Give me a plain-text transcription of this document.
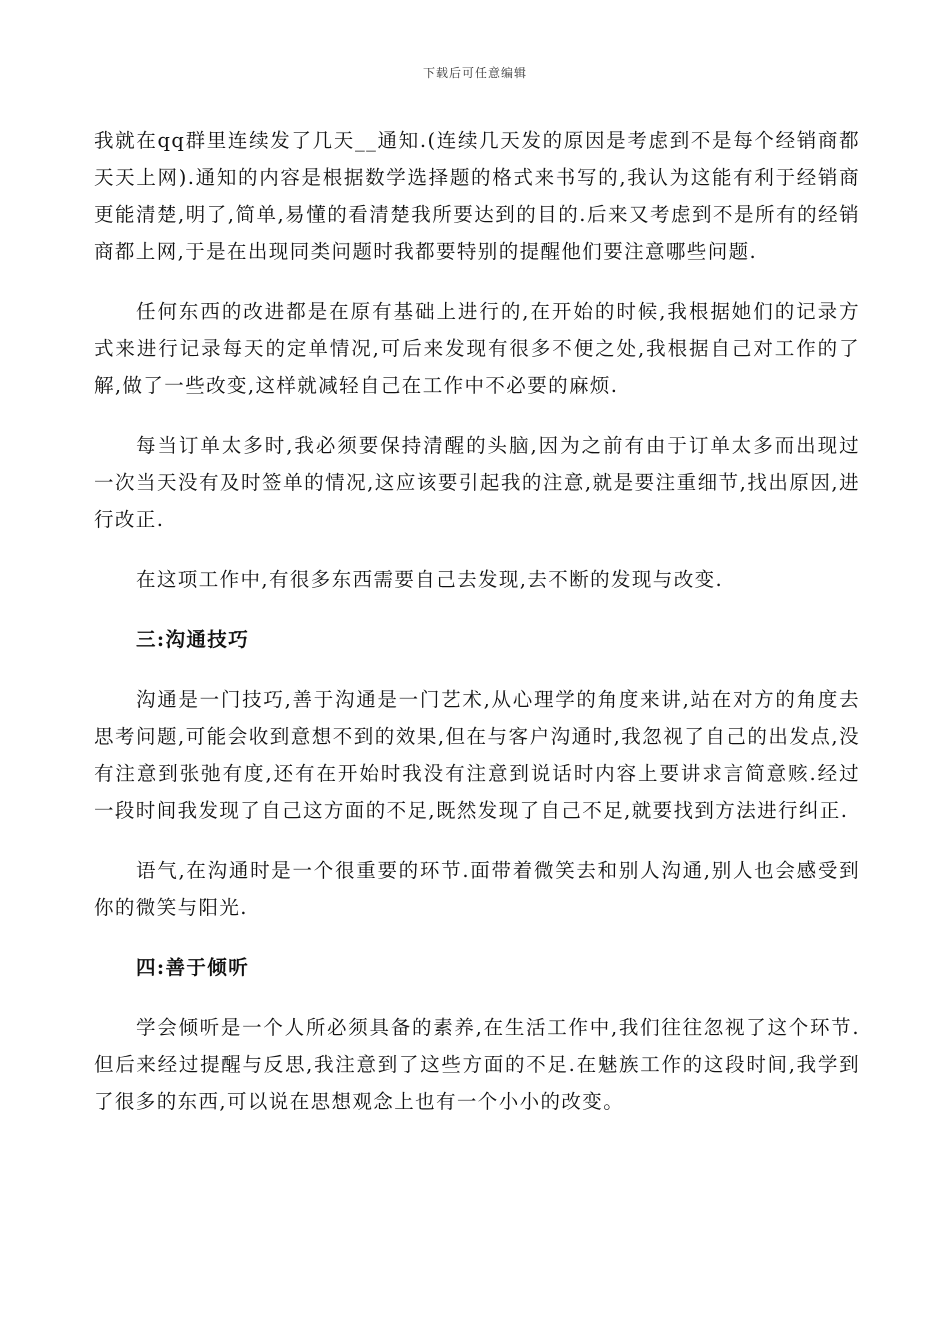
下载后可任意编辑

我就在qq群里连续发了几天__通知.(连续几天发的原因是考虑到不是每个经销商都天天上网).通知的内容是根据数学选择题的格式来书写的,我认为这能有利于经销商更能清楚,明了,简单,易懂的看清楚我所要达到的目的.后来又考虑到不是所有的经销商都上网,于是在出现同类问题时我都要特别的提醒他们要注意哪些问题.

任何东西的改进都是在原有基础上进行的,在开始的时候,我根据她们的记录方式来进行记录每天的定单情况,可后来发现有很多不便之处,我根据自己对工作的了解,做了一些改变,这样就减轻自己在工作中不必要的麻烦.

每当订单太多时,我必须要保持清醒的头脑,因为之前有由于订单太多而出现过一次当天没有及时签单的情况,这应该要引起我的注意,就是要注重细节,找出原因,进行改正.

在这项工作中,有很多东西需要自己去发现,去不断的发现与改变.

三:沟通技巧

沟通是一门技巧,善于沟通是一门艺术,从心理学的角度来讲,站在对方的角度去思考问题,可能会收到意想不到的效果,但在与客户沟通时,我忽视了自己的出发点,没有注意到张弛有度,还有在开始时我没有注意到说话时内容上要讲求言简意赅.经过一段时间我发现了自己这方面的不足,既然发现了自己不足,就要找到方法进行纠正.

语气,在沟通时是一个很重要的环节.面带着微笑去和别人沟通,别人也会感受到你的微笑与阳光.

四:善于倾听

学会倾听是一个人所必须具备的素养,在生活工作中,我们往往忽视了这个环节.但后来经过提醒与反思,我注意到了这些方面的不足.在魅族工作的这段时间,我学到了很多的东西,可以说在思想观念上也有一个小小的改变。
